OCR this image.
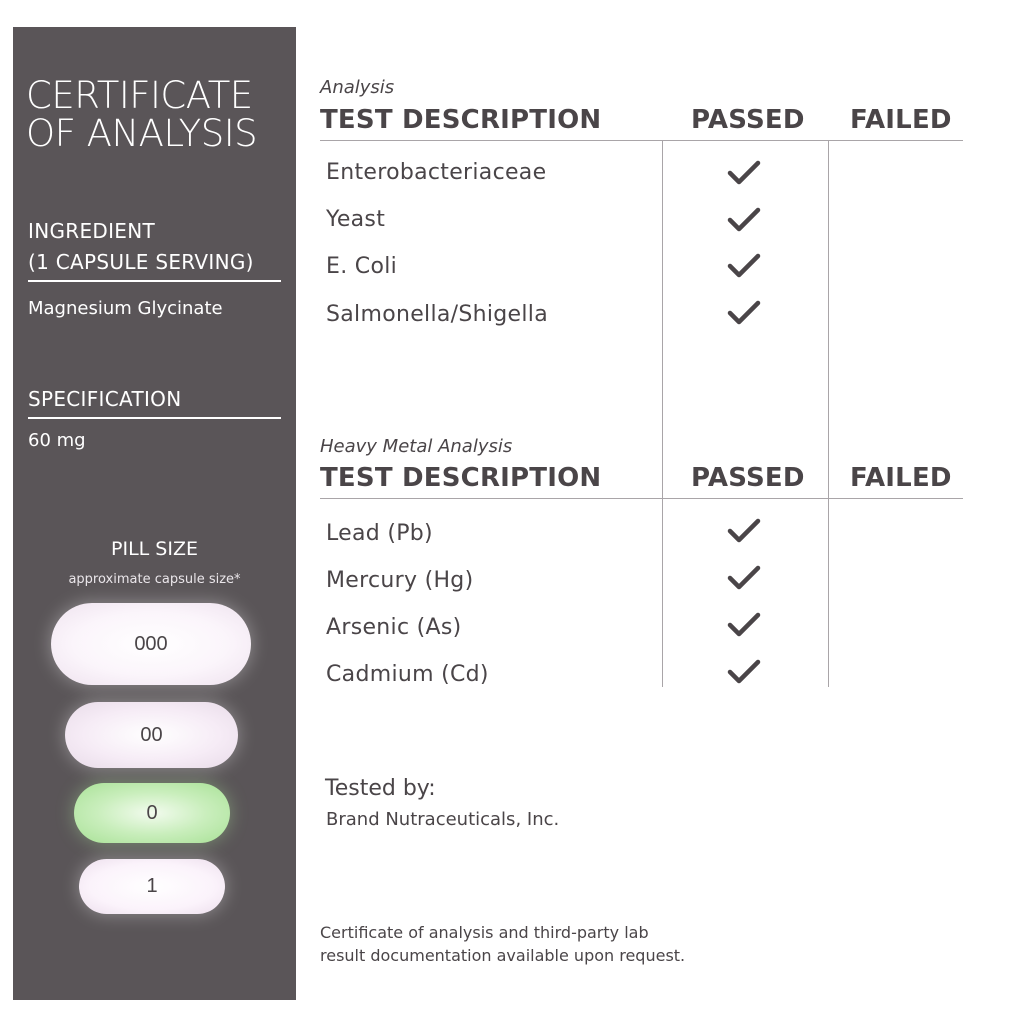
CERTIFICATE
OF ANALYSIS
INGREDIENT
(1 CAPSULE SERVING)
Magnesium Glycinate
SPECIFICATION
60 mg
PILL SIZE
approximate capsule size*
000
00
0
1
Analysis
TEST DESCRIPTION	PASSED FAILED
Enterobacteriaceae
Yeast
E. Coli
Salmonella/Shigella
Heavy Metal Analysis
TEST DESCRIPTION	PASSED FAILED
Lead (Pb)
Mercury (Hg)
Arsenic (As)
Cadmium (Cd)
Tested by:
Brand Nutraceuticals, Inc.
Certificate of analysis and third-party lab
result documentation available upon request.
